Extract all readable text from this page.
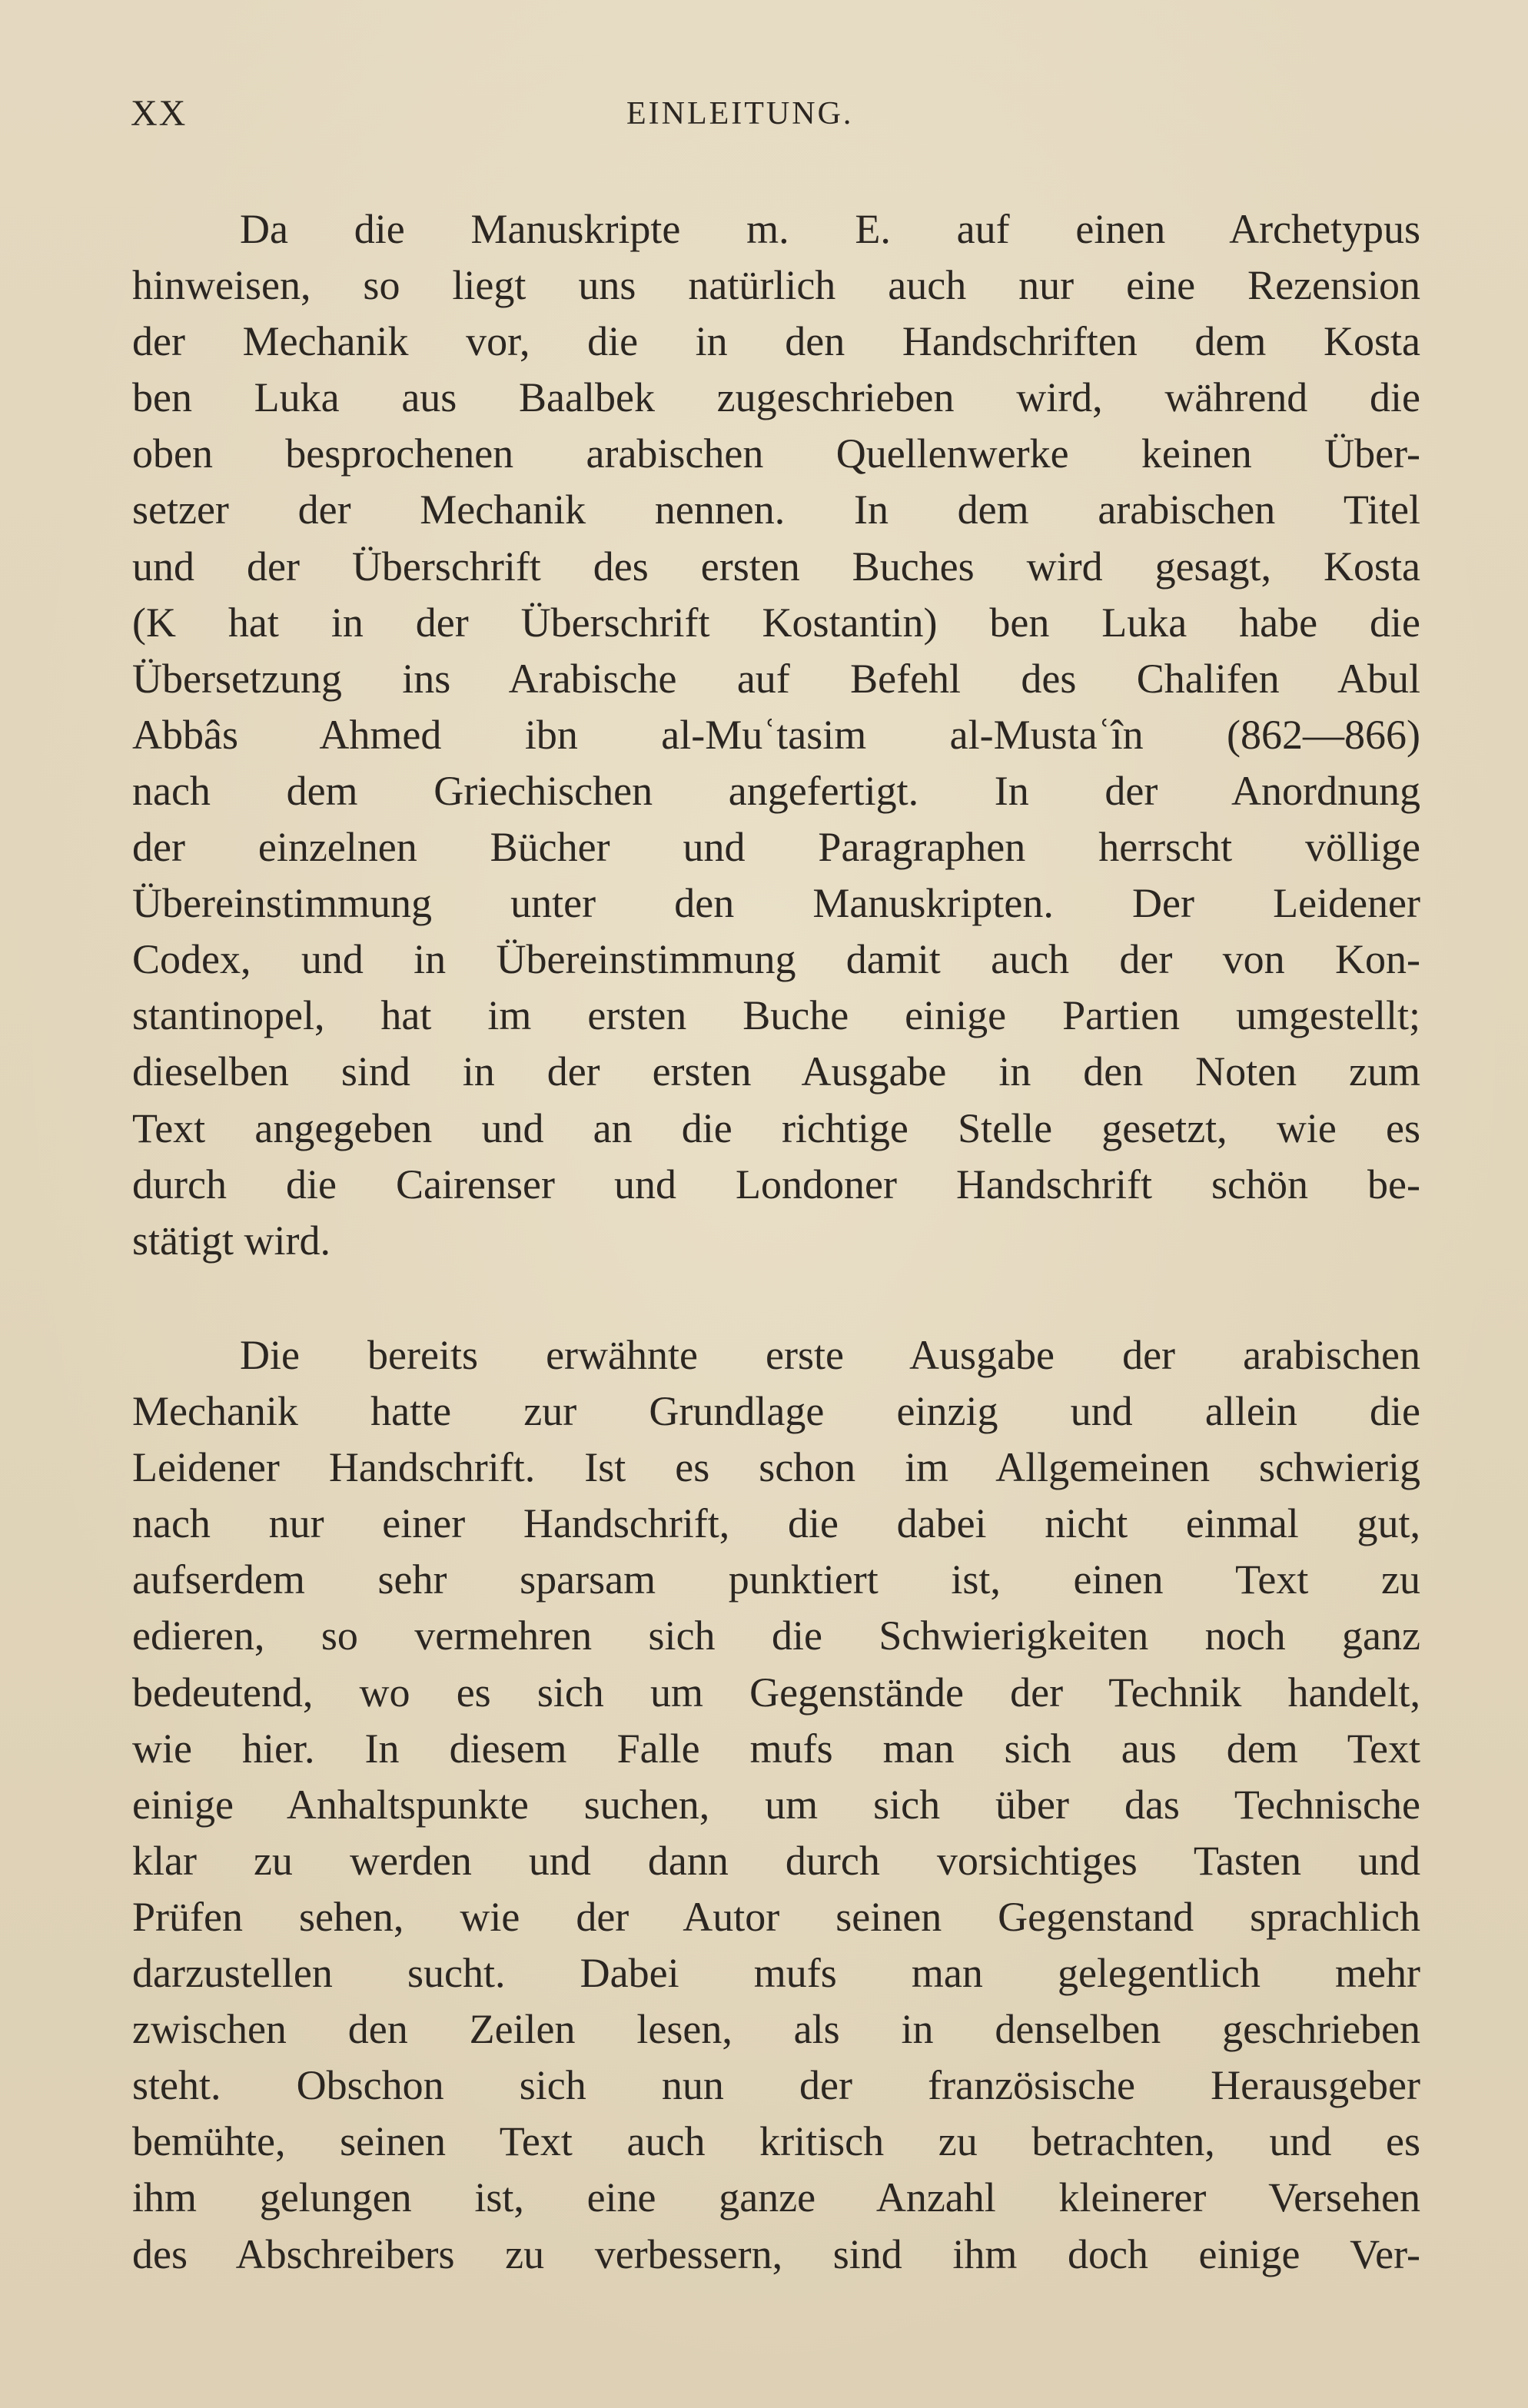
XX	EINLEITUNG.
Da die Manuskripte m. E. auf einen Archetypus
hinweisen, so liegt uns natürlich auch nur eine Rezension
der Mechanik vor, die in den Handschriften dem Kosta
ben Luka aus Baalbek zugeschrieben wird, während die
oben besprochenen arabischen Quellenwerke keinen Über-
setzer der Mechanik nennen. In dem arabischen Titel
und der Überschrift des ersten Buches wird gesagt, Kosta
(K hat in der Überschrift Kostantin) ben Luka habe die
Übersetzung ins Arabische auf Befehl des Chalifen Abul
Abbâs Ahmed ibn al-Muʿtasim al-Mustaʿîn (862—866)
nach dem Griechischen angefertigt. In der Anordnung
der einzelnen Bücher und Paragraphen herrscht völlige
Übereinstimmung unter den Manuskripten. Der Leidener
Codex, und in Übereinstimmung damit auch der von Kon-
stantinopel, hat im ersten Buche einige Partien umgestellt;
dieselben sind in der ersten Ausgabe in den Noten zum
Text angegeben und an die richtige Stelle gesetzt, wie es
durch die Cairenser und Londoner Handschrift schön be-
stätigt wird.
Die bereits erwähnte erste Ausgabe der arabischen
Mechanik hatte zur Grundlage einzig und allein die
Leidener Handschrift. Ist es schon im Allgemeinen schwierig
nach nur einer Handschrift, die dabei nicht einmal gut,
aufserdem sehr sparsam punktiert ist, einen Text zu
edieren, so vermehren sich die Schwierigkeiten noch ganz
bedeutend, wo es sich um Gegenstände der Technik handelt,
wie hier. In diesem Falle mufs man sich aus dem Text
einige Anhaltspunkte suchen, um sich über das Technische
klar zu werden und dann durch vorsichtiges Tasten und
Prüfen sehen, wie der Autor seinen Gegenstand sprachlich
darzustellen sucht. Dabei mufs man gelegentlich mehr
zwischen den Zeilen lesen, als in denselben geschrieben
steht. Obschon sich nun der französische Herausgeber
bemühte, seinen Text auch kritisch zu betrachten, und es
ihm gelungen ist, eine ganze Anzahl kleinerer Versehen
des Abschreibers zu verbessern, sind ihm doch einige Ver-
